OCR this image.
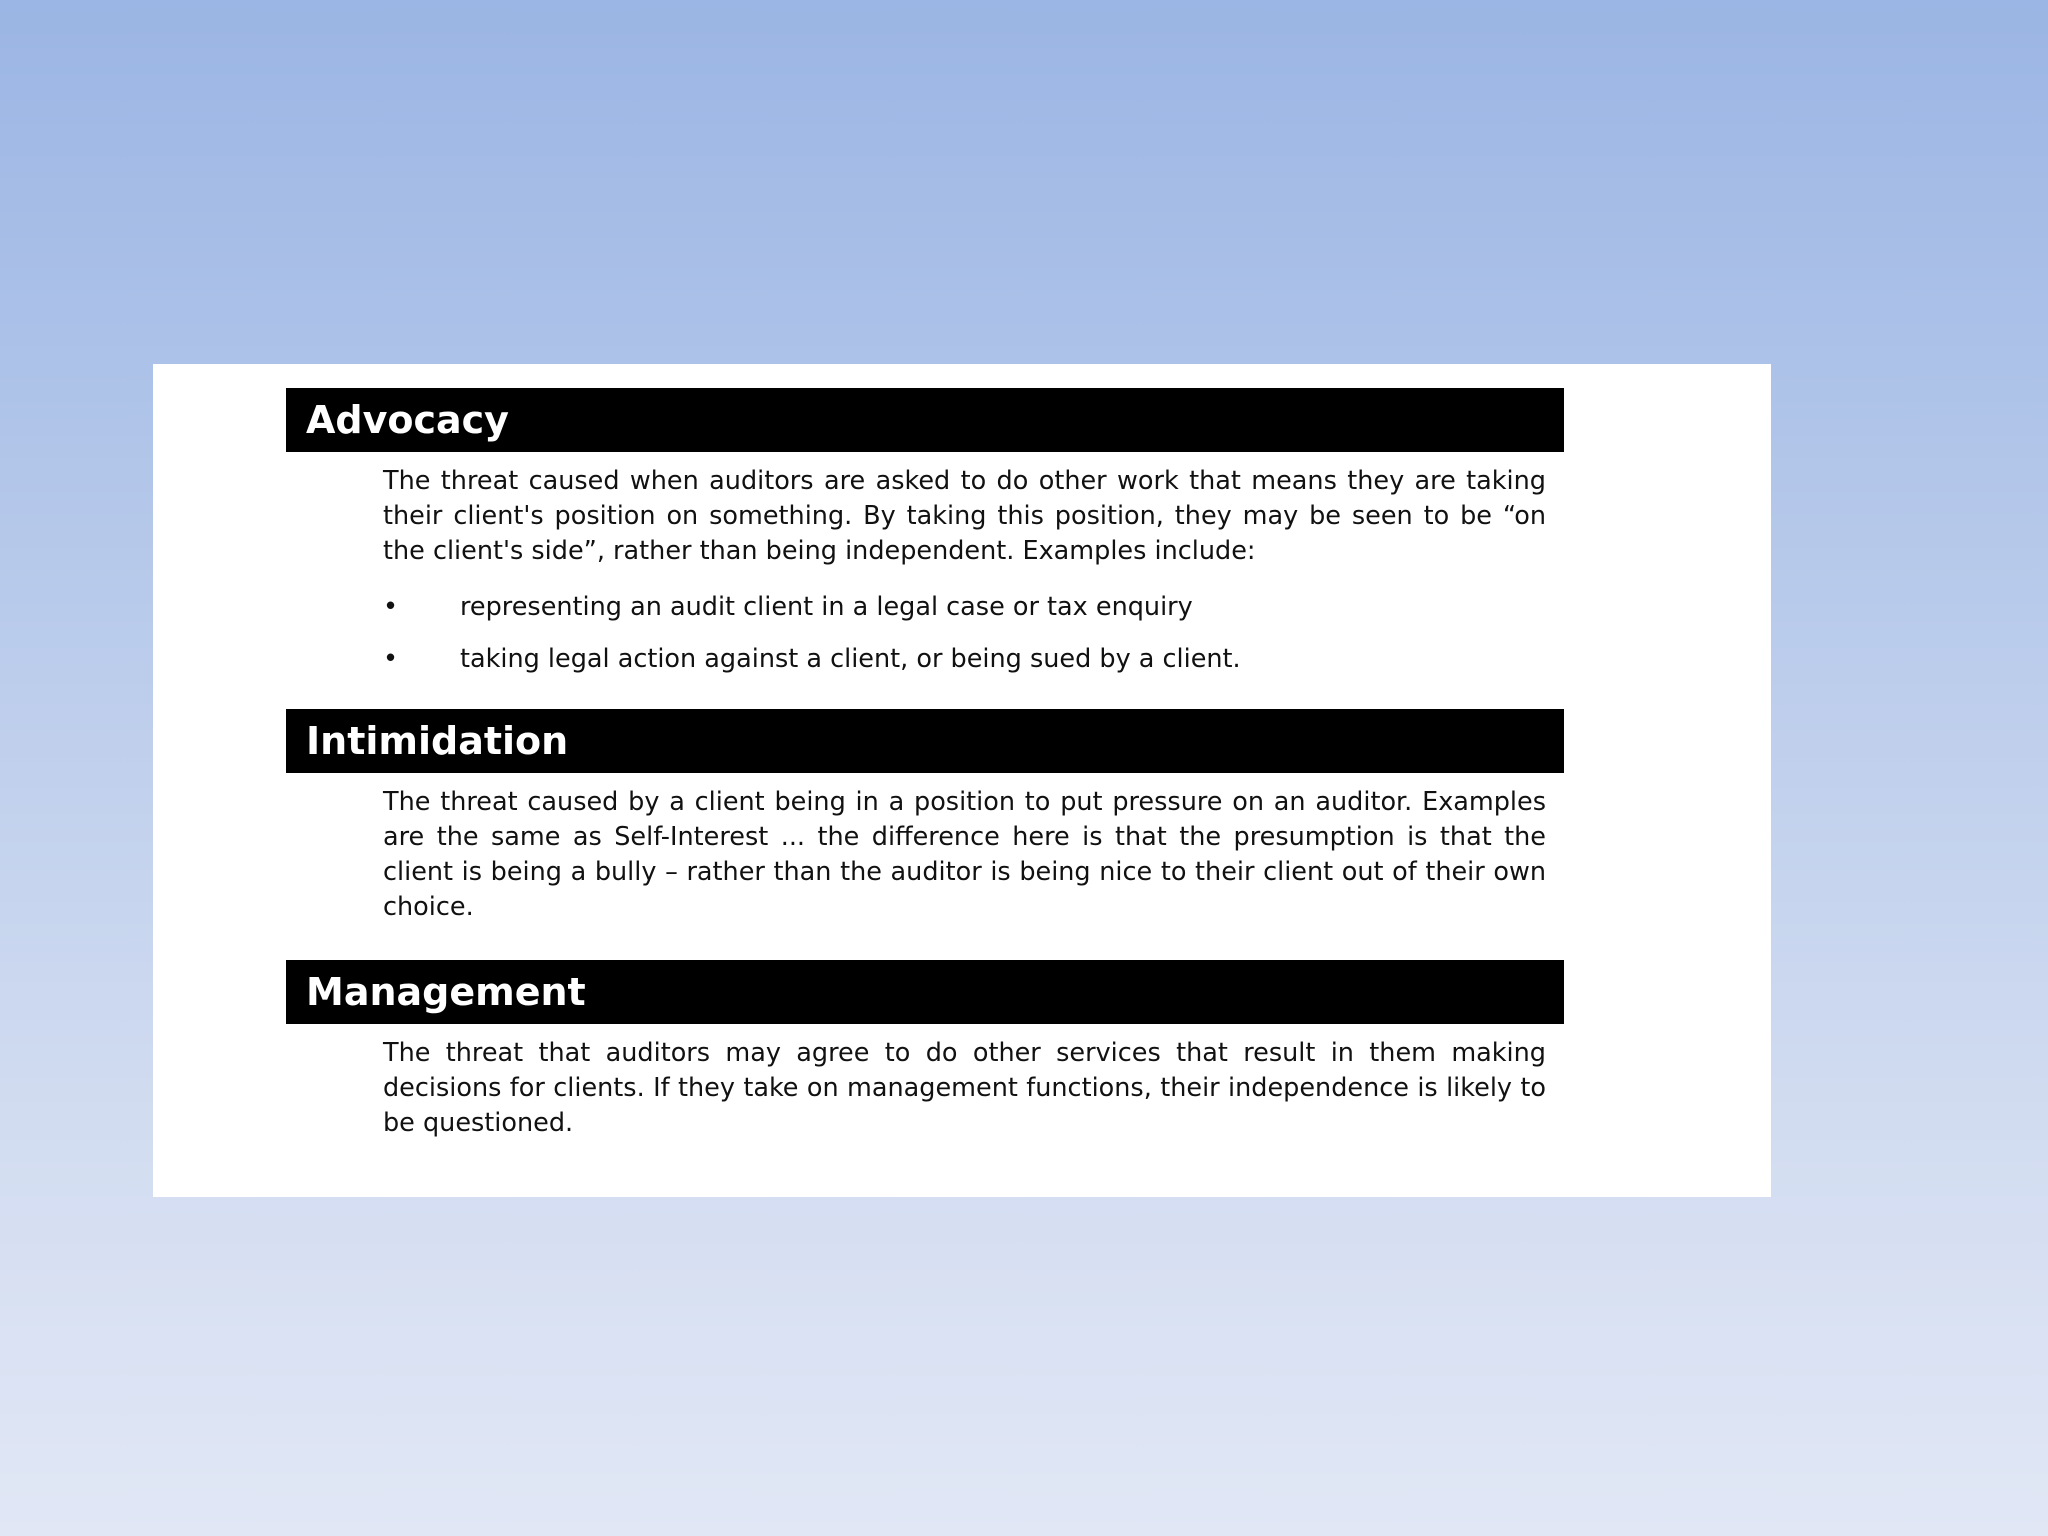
Advocacy
The threat caused when auditors are asked to do other work that means they are taking their client's position on something. By taking this position, they may be seen to be “on the client's side”, rather than being independent. Examples include:
•	representing an audit client in a legal case or tax enquiry
•	taking legal action against a client, or being sued by a client.
Intimidation
The threat caused by a client being in a position to put pressure on an auditor. Examples are the same as Self-Interest ... the difference here is that the presumption is that the client is being a bully – rather than the auditor is being nice to their client out of their own choice.
Management
The threat that auditors may agree to do other services that result in them making decisions for clients. If they take on management functions, their independence is likely to be questioned.
